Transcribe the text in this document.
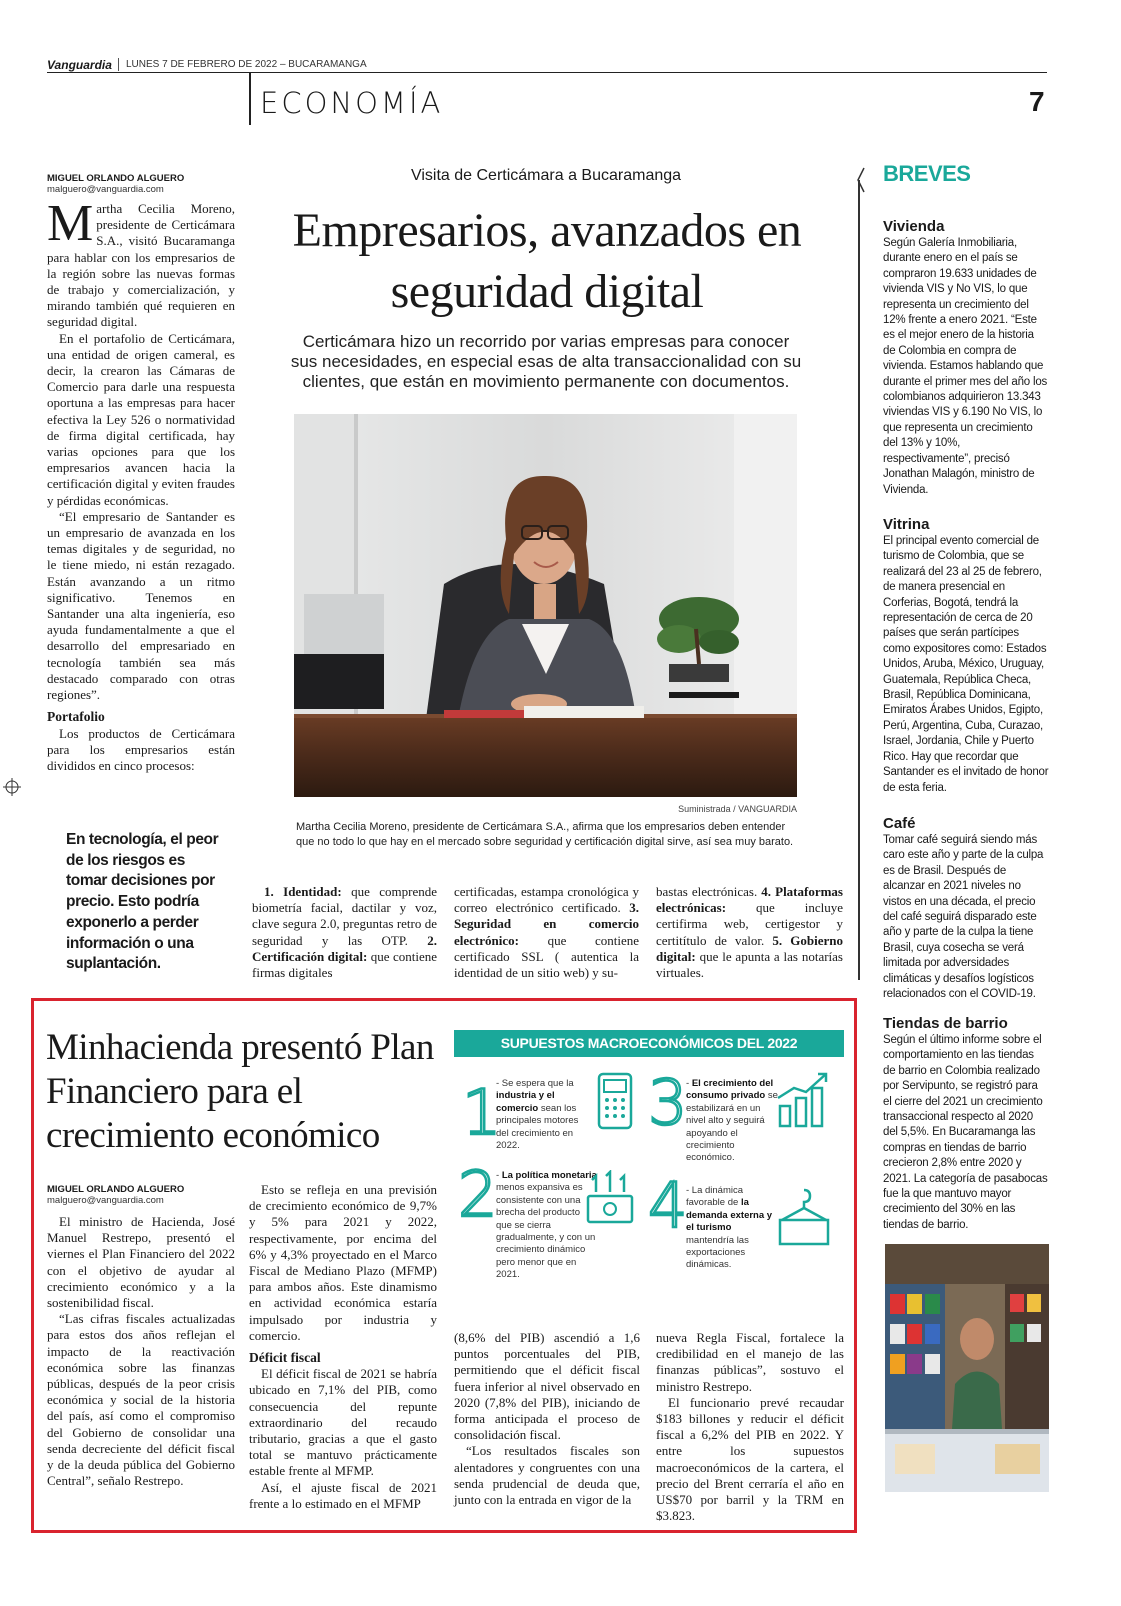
Vanguardia LUNES 7 DE FEBRERO DE 2022 – BUCARAMANGA
ECONOMÍA	7
MIGUEL ORLANDO ALGUERO
malguero@vanguardia.com

Martha Cecilia Moreno, presidente de Certicámara S.A., visitó Bucaramanga para hablar con los empresarios de la región sobre las nuevas formas de trabajo y comercialización, y mirando también qué requieren en seguridad digital.

En el portafolio de Certicámara, una entidad de origen cameral, es decir, la crearon las Cámaras de Comercio para darle una respuesta oportuna a las empresas para hacer efectiva la Ley 526 o normatividad de firma digital certificada, hay varias opciones para que los empresarios avancen hacia la certificación digital y eviten fraudes y pérdidas económicas.

“El empresario de Santander es un empresario de avanzada en los temas digitales y de seguridad, no le tiene miedo, ni están rezagado. Están avanzando a un ritmo significativo. Tenemos en Santander una alta ingeniería, eso ayuda fundamentalmente a que el desarrollo del empresariado en tecnología también sea más destacado comparado con otras regiones”.

Portafolio

Los productos de Certicámara para los empresarios están divididos en cinco procesos:

En tecnología, el peor de los riesgos es tomar decisiones por precio. Esto podría exponerlo a perder información o una suplantación.
Visita de Certicámara a Bucaramanga
Empresarios, avanzados en seguridad digital
Certicámara hizo un recorrido por varias empresas para conocer sus necesidades, en especial esas de alta transaccionalidad con su clientes, que están en movimiento permanente con documentos.
Suministrada / VANGUARDIA
Martha Cecilia Moreno, presidente de Certicámara S.A., afirma que los empresarios deben entender que no todo lo que hay en el mercado sobre seguridad y certificación digital sirve, así sea muy barato.

1. Identidad: que comprende biometría facial, dactilar y voz, clave segura 2.0, preguntas retro de seguridad y las OTP. 2. Certificación digital: que contiene firmas digitales

certificadas, estampa cronológica y correo electrónico certificado. 3. Seguridad en comercio electrónico: que contiene certificado SSL ( autentica la identidad de un sitio web) y su-

bastas electrónicas. 4. Plataformas electrónicas: que incluye certifirma web, certigestor y certitítulo de valor. 5. Gobierno digital: que le apunta a las notarías virtuales.

BREVES
Vivienda
Según Galería Inmobiliaria, durante enero en el país se compraron 19.633 unidades de vivienda VIS y No VIS, lo que representa un crecimiento del 12% frente a enero 2021. “Este es el mejor enero de la historia de Colombia en compra de vivienda. Estamos hablando que durante el primer mes del año los colombianos adquirieron 13.343 viviendas VIS y 6.190 No VIS, lo que representa un crecimiento del 13% y 10%, respectivamente”, precisó Jonathan Malagón, ministro de Vivienda.
Vitrina
El principal evento comercial de turismo de Colombia, que se realizará del 23 al 25 de febrero, de manera presencial en Corferias, Bogotá, tendrá la representación de cerca de 20 países que serán partícipes como expositores como: Estados Unidos, Aruba, México, Uruguay, Guatemala, República Checa, Brasil, República Dominicana, Emiratos Árabes Unidos, Egipto, Perú, Argentina, Cuba, Curazao, Israel, Jordania, Chile y Puerto Rico. Hay que recordar que Santander es el invitado de honor de esta feria.
Café
Tomar café seguirá siendo más caro este año y parte de la culpa es de Brasil. Después de alcanzar en 2021 niveles no vistos en una década, el precio del café seguirá disparado este año y parte de la culpa la tiene Brasil, cuya cosecha se verá limitada por adversidades climáticas y desafíos logísticos relacionados con el COVID-19.
Tiendas de barrio
Según el último informe sobre el comportamiento en las tiendas de barrio en Colombia realizado por Servipunto, se registró para el cierre del 2021 un crecimiento transaccional respecto al 2020 del 5,5%. En Bucaramanga las compras en tiendas de barrio crecieron 2,8% entre 2020 y 2021. La categoría de pasabocas fue la que mantuvo mayor crecimiento del 30% en las tiendas de barrio.
Minhacienda presentó Plan Financiero para el crecimiento económico
MIGUEL ORLANDO ALGUERO
malguero@vanguardia.com

El ministro de Hacienda, José Manuel Restrepo, presentó el viernes el Plan Financiero del 2022 con el objetivo de ayudar al crecimiento económico y a la sostenibilidad fiscal.

“Las cifras fiscales actualizadas para estos dos años reflejan el impacto de la reactivación económica sobre las finanzas públicas, después de la peor crisis económica y social de la historia del país, así como el compromiso del Gobierno de consolidar una senda decreciente del déficit fiscal y de la deuda pública del Gobierno Central”, señalo Restrepo.

Esto se refleja en una previsión de crecimiento económico de 9,7% y 5% para 2021 y 2022, respectivamente, por encima del 6% y 4,3% proyectado en el Marco Fiscal de Mediano Plazo (MFMP) para ambos años. Este dinamismo en actividad económica estaría impulsado por industria y comercio.

Déficit fiscal

El déficit fiscal de 2021 se habría ubicado en 7,1% del PIB, como consecuencia del repunte extraordinario del recaudo tributario, gracias a que el gasto total se mantuvo prácticamente estable frente al MFMP.

Así, el ajuste fiscal de 2021 frente a lo estimado en el MFMP

(8,6% del PIB) ascendió a 1,6 puntos porcentuales del PIB, permitiendo que el déficit fiscal fuera inferior al nivel observado en 2020 (7,8% del PIB), iniciando de forma anticipada el proceso de consolidación fiscal.

“Los resultados fiscales son alentadores y congruentes con una senda prudencial de deuda que, junto con la entrada en vigor de la

nueva Regla Fiscal, fortalece la credibilidad en el manejo de las finanzas públicas”, sostuvo el ministro Restrepo.

El funcionario prevé recaudar $183 billones y reducir el déficit fiscal a 6,2% del PIB en 2022. Y entre los supuestos macroeconómicos de la cartera, el precio del Brent cerraría el año en US$70 por barril y la TRM en $3.823.

SUPUESTOS MACROECONÓMICOS DEL 2022
1
- Se espera que la industria y el comercio sean los principales motores del crecimiento en 2022.
3
- El crecimiento del consumo privado se estabilizará en un nivel alto y seguirá apoyando el crecimiento económico.
2
- La política monetaria menos expansiva es consistente con una brecha del producto que se cierra gradualmente, y con un crecimiento dinámico pero menor que en 2021.
4
- La dinámica favorable de la demanda externa y el turismo mantendría las exportaciones dinámicas.
